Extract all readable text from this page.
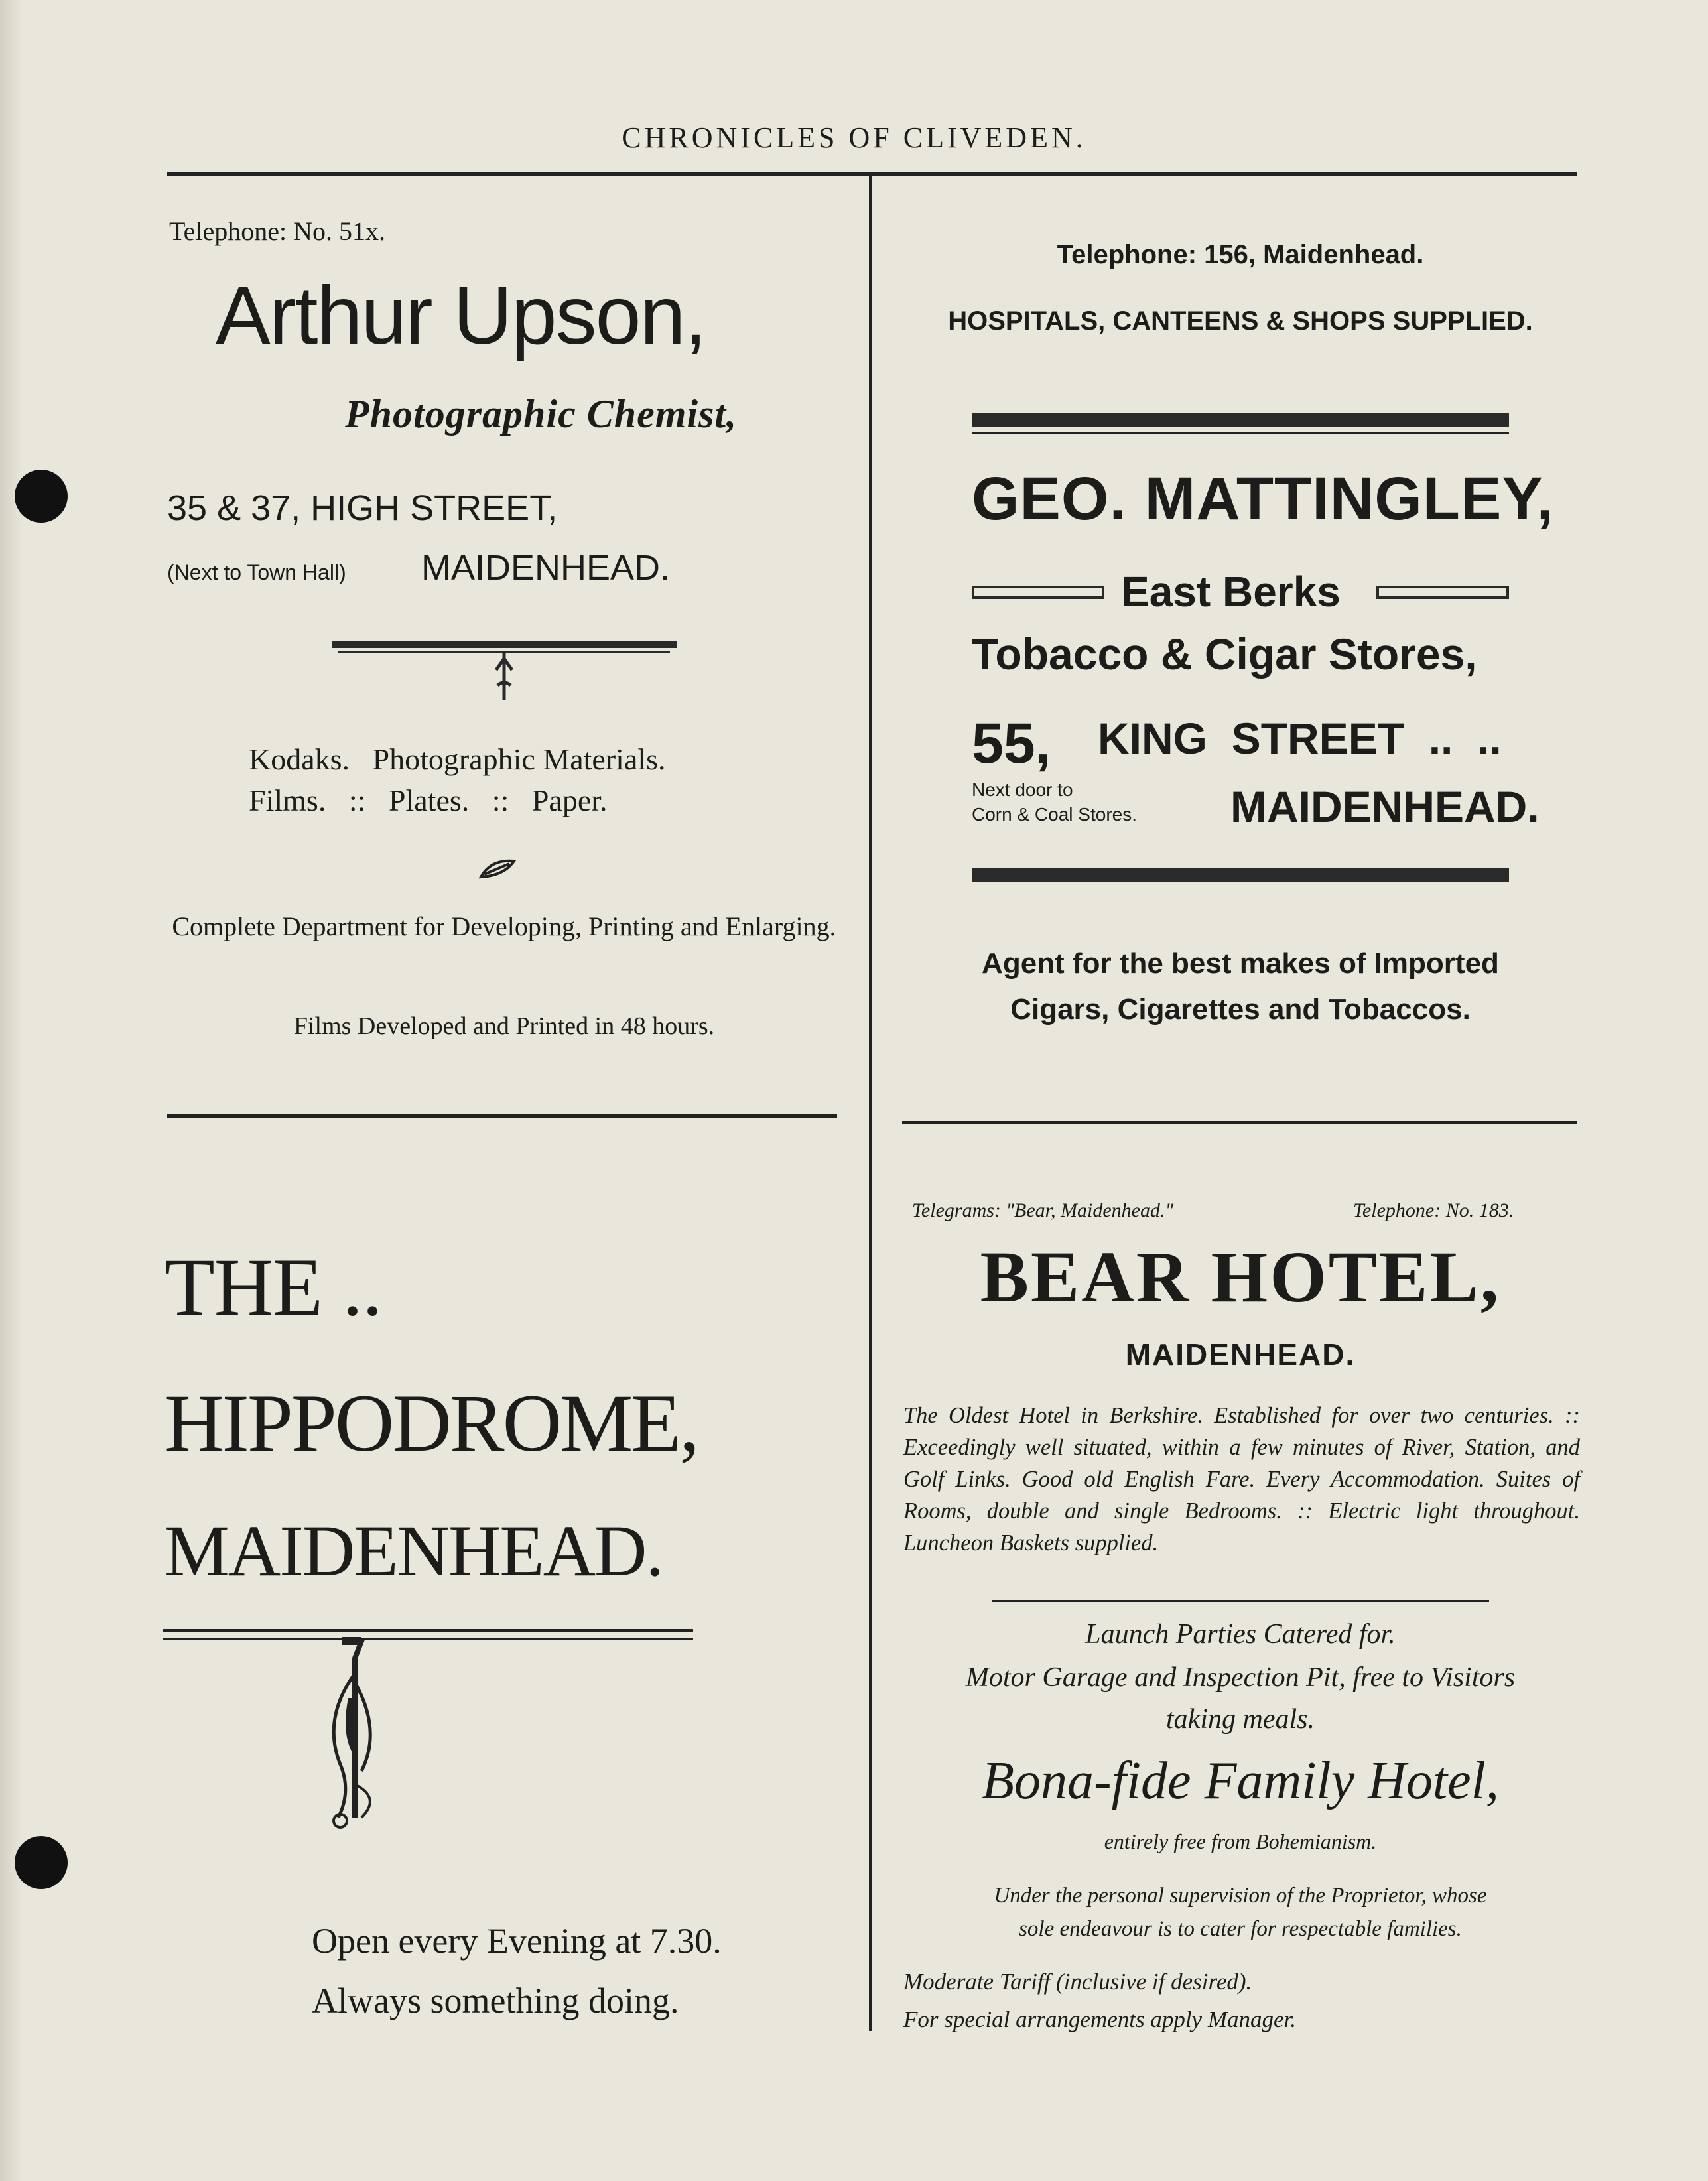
CHRONICLES OF CLIVEDEN.
Telephone: No. 51x.
Arthur Upson,
Photographic Chemist,
35 & 37, HIGH STREET,
(Next to Town Hall) MAIDENHEAD.
Kodaks.   Photographic Materials.
Films.   ::   Plates.   ::   Paper.
Complete Department for Developing, Printing and Enlarging.
Films Developed and Printed in 48 hours.
Telephone: 156, Maidenhead.
HOSPITALS, CANTEENS & SHOPS SUPPLIED.
GEO. MATTINGLEY,
East Berks
Tobacco & Cigar Stores,
55, KING  STREET  ..  ..
Next door to
Corn & Coal Stores. MAIDENHEAD.
Agent for the best makes of Imported
Cigars, Cigarettes and Tobaccos.
THE ..
HIPPODROME,
MAIDENHEAD.
Open every Evening at 7.30.
Always something doing.
Telegrams: "Bear, Maidenhead."	Telephone: No. 183.
BEAR HOTEL,
MAIDENHEAD.
The Oldest Hotel in Berkshire. Established for over two centuries. :: Exceedingly well situated, within a few minutes of River, Station, and Golf Links. Good old English Fare. Every Accommodation. Suites of Rooms, double and single Bedrooms. :: Electric light throughout. Luncheon Baskets supplied.
Launch Parties Catered for.
Motor Garage and Inspection Pit, free to Visitors
taking meals.
Bona-fide Family Hotel,
entirely free from Bohemianism.
Under the personal supervision of the Proprietor, whose
sole endeavour is to cater for respectable families.
Moderate Tariff (inclusive if desired).
For special arrangements apply Manager.
